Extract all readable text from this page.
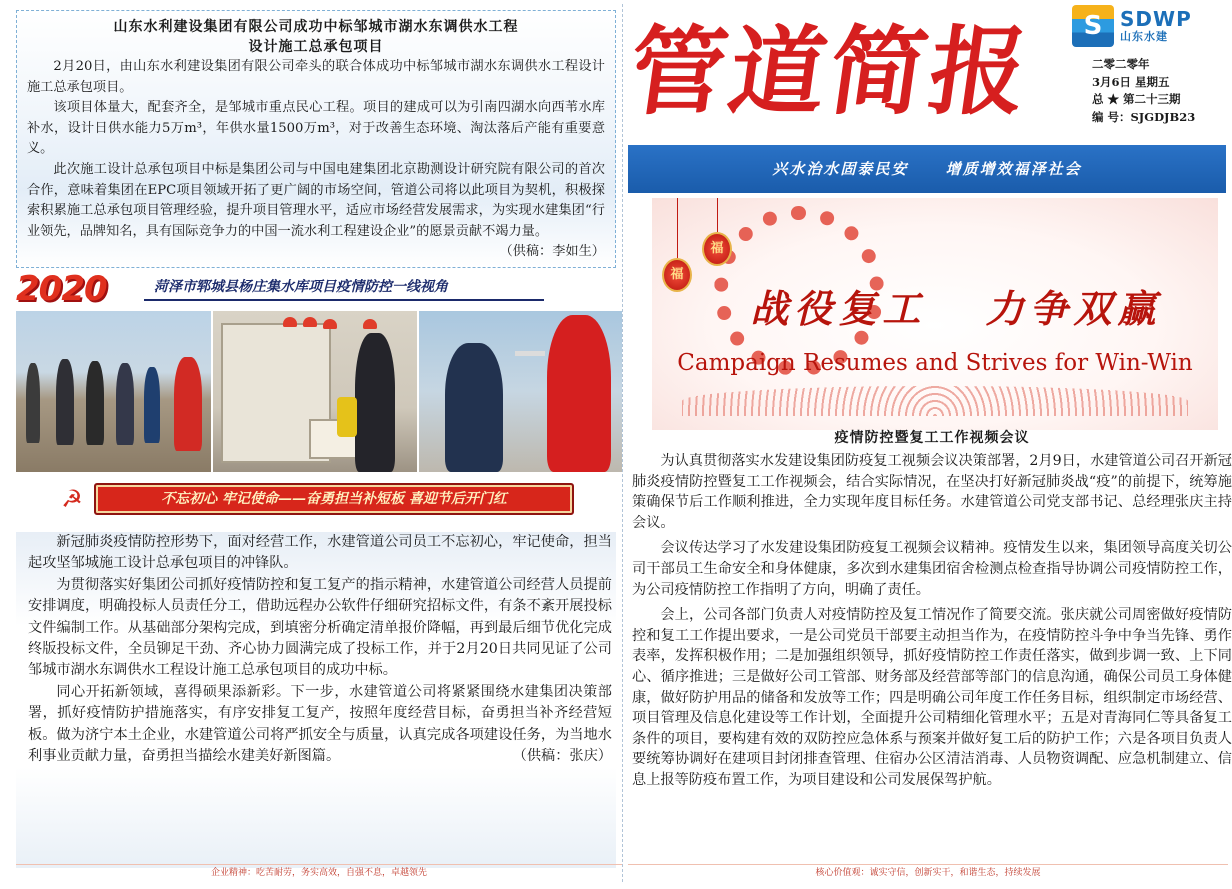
山东水利建设集团有限公司成功中标邹城市湖水东调供水工程
设计施工总承包项目

2月20日，由山东水利建设集团有限公司牵头的联合体成功中标邹城市湖水东调供水工程设计施工总承包项目。

该项目体量大，配套齐全，是邹城市重点民心工程。项目的建成可以为引南四湖水向西苇水库补水，设计日供水能力5万m³，年供水量1500万m³，对于改善生态环境、淘汰落后产能有重要意义。

此次施工设计总承包项目中标是集团公司与中国电建集团北京勘测设计研究院有限公司的首次合作，意味着集团在EPC项目领域开拓了更广阔的市场空间，管道公司将以此项目为契机，积极探索积累施工总承包项目管理经验，提升项目管理水平，适应市场经营发展需求，为实现水建集团“行业领先，品牌知名，具有国际竞争力的中国一流水利工程建设企业”的愿景贡献不竭力量。
（供稿：李如生）

2020	菏泽市郓城县杨庄集水库项目疫情防控一线视角
☭	不忘初心 牢记使命——奋勇担当补短板 喜迎节后开门红

新冠肺炎疫情防控形势下，面对经营工作，水建管道公司员工不忘初心，牢记使命，担当起攻坚邹城施工设计总承包项目的冲锋队。

为贯彻落实好集团公司抓好疫情防控和复工复产的指示精神，水建管道公司经营人员提前安排调度，明确投标人员责任分工，借助远程办公软件仔细研究招标文件，有条不紊开展投标文件编制工作。从基础部分架构完成，到填密分析确定清单报价降幅，再到最后细节优化完成终版投标文件，全员铆足干劲、齐心协力圆满完成了投标工作，并于2月20日共同见证了公司邹城市湖水东调供水工程设计施工总承包项目的成功中标。

同心开拓新领域，喜得硕果添新彩。下一步，水建管道公司将紧紧围绕水建集团决策部署，抓好疫情防护措施落实，有序安排复工复产，按照年度经营目标，奋勇担当补齐经营短板。做为济宁本土企业，水建管道公司将严抓安全与质量，认真完成各项建设任务，为当地水利事业贡献力量，奋勇担当描绘水建美好新图篇。	（供稿：张庆）

企业精神：吃苦耐劳，务实高效，自强不息，卓越领先
管道简报	S SDWP
山东水建
二零二零年
3月6日 星期五
总 ★ 第二十三期
编 号：SJGDJB23
兴水治水固泰民安 增质增效福泽社会
福
福
战役复工 力争双赢
Campaign Resumes and Strives for Win-Win
疫情防控暨复工工作视频会议

为认真贯彻落实水发建设集团防疫复工视频会议决策部署，2月9日，水建管道公司召开新冠肺炎疫情防控暨复工工作视频会，结合实际情况，在坚决打好新冠肺炎战“疫”的前提下，统筹施策确保节后工作顺利推进，全力实现年度目标任务。水建管道公司党支部书记、总经理张庆主持会议。

会议传达学习了水发建设集团防疫复工视频会议精神。疫情发生以来，集团领导高度关切公司干部员工生命安全和身体健康，多次到水建集团宿舍检测点检查指导协调公司疫情防控工作，为公司疫情防控工作指明了方向，明确了责任。

会上，公司各部门负责人对疫情防控及复工情况作了简要交流。张庆就公司周密做好疫情防控和复工工作提出要求，一是公司党员干部要主动担当作为，在疫情防控斗争中争当先锋、勇作表率，发挥积极作用；二是加强组织领导，抓好疫情防控工作责任落实，做到步调一致、上下同心、循序推进；三是做好公司工管部、财务部及经营部等部门的信息沟通，确保公司员工身体健康，做好防护用品的储备和发放等工作；四是明确公司年度工作任务目标，组织制定市场经营、项目管理及信息化建设等工作计划，全面提升公司精细化管理水平；五是对青海同仁等具备复工条件的项目，要构建有效的双防控应急体系与预案并做好复工后的防护工作；六是各项目负责人要统筹协调好在建项目封闭排查管理、住宿办公区清洁消毒、人员物资调配、应急机制建立、信息上报等防疫布置工作，为项目建设和公司发展保驾护航。

核心价值观：诚实守信，创新实干，和谐生态，持续发展
